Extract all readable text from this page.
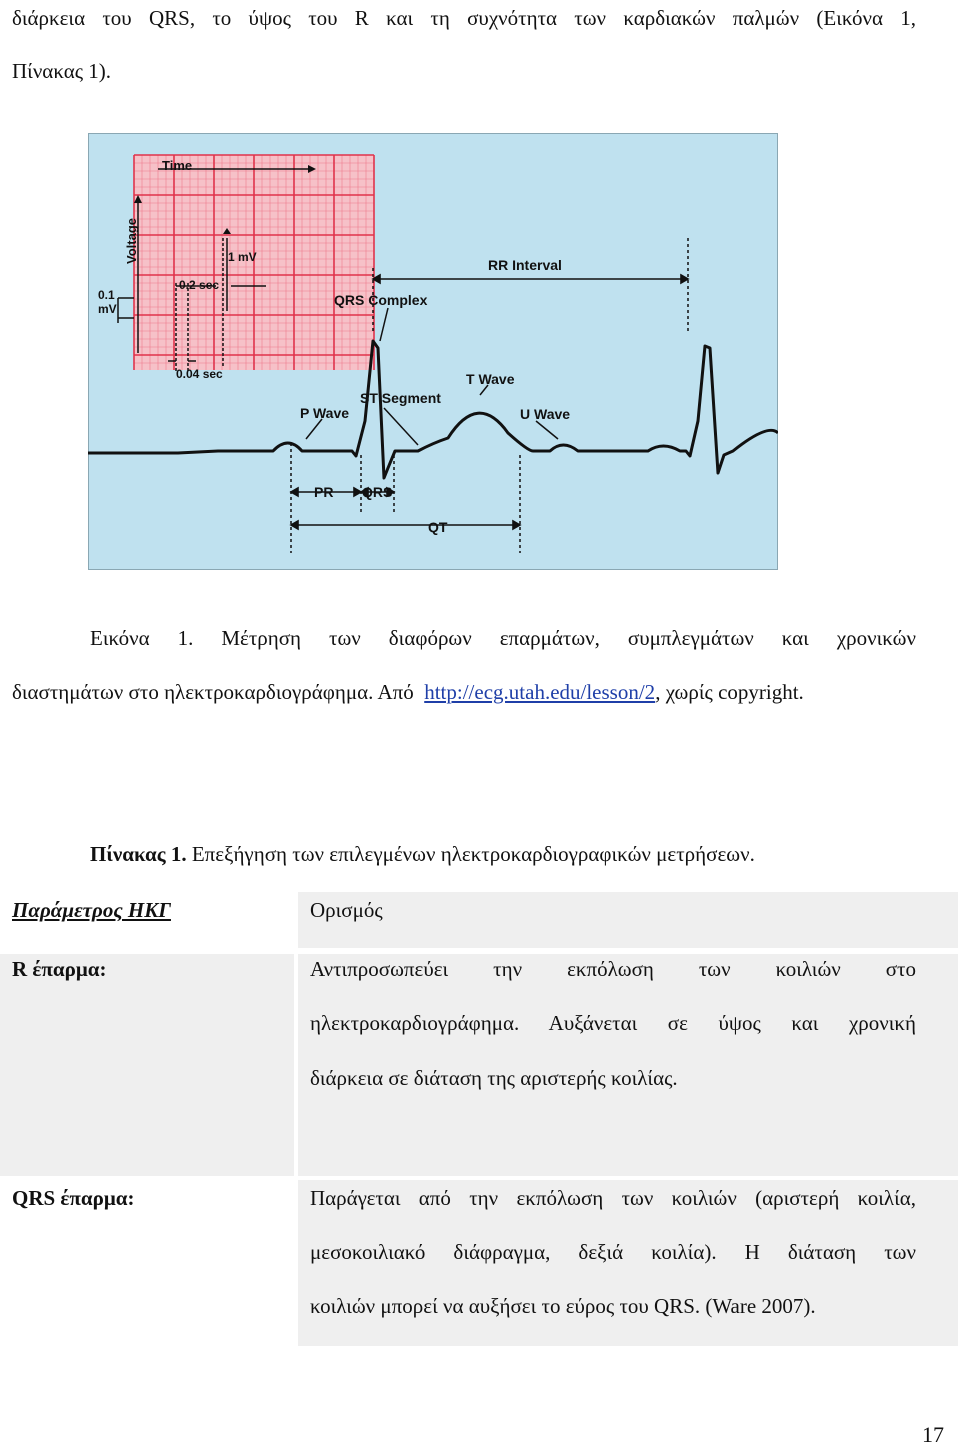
διάρκεια του QRS, το ύψος του R και τη συχνότητα των καρδιακών παλμών (Εικόνα 1,
Πίνακας 1).
Time
Voltage	1 mV
0.2 sec
0.1
mV
0.04 sec
RR Interval
QRS Complex
T Wave
ST Segment
P Wave	U Wave
PR QRS
QT
Εικόνα 1. Μέτρηση των διαφόρων επαρμάτων, συμπλεγμάτων και χρονικών
διαστημάτων στο ηλεκτροκαρδιογράφημα. Από http://ecg.utah.edu/lesson/2, χωρίς copyright.
Πίνακας 1. Επεξήγηση των επιλεγμένων ηλεκτροκαρδιογραφικών μετρήσεων.
Παράμετρος ΗΚΓ	Ορισμός
R έπαρμα:	Αντιπροσωπεύει την εκπόλωση των κοιλιών στο
ηλεκτροκαρδιογράφημα. Αυξάνεται σε ύψος και χρονική
διάρκεια σε διάταση της αριστερής κοιλίας.
QRS έπαρμα:	Παράγεται από την εκπόλωση των κοιλιών (αριστερή κοιλία,
μεσοκοιλιακό διάφραγμα, δεξιά κοιλία). Η διάταση των
κοιλιών μπορεί να αυξήσει το εύρος του QRS. (Ware 2007).
17
